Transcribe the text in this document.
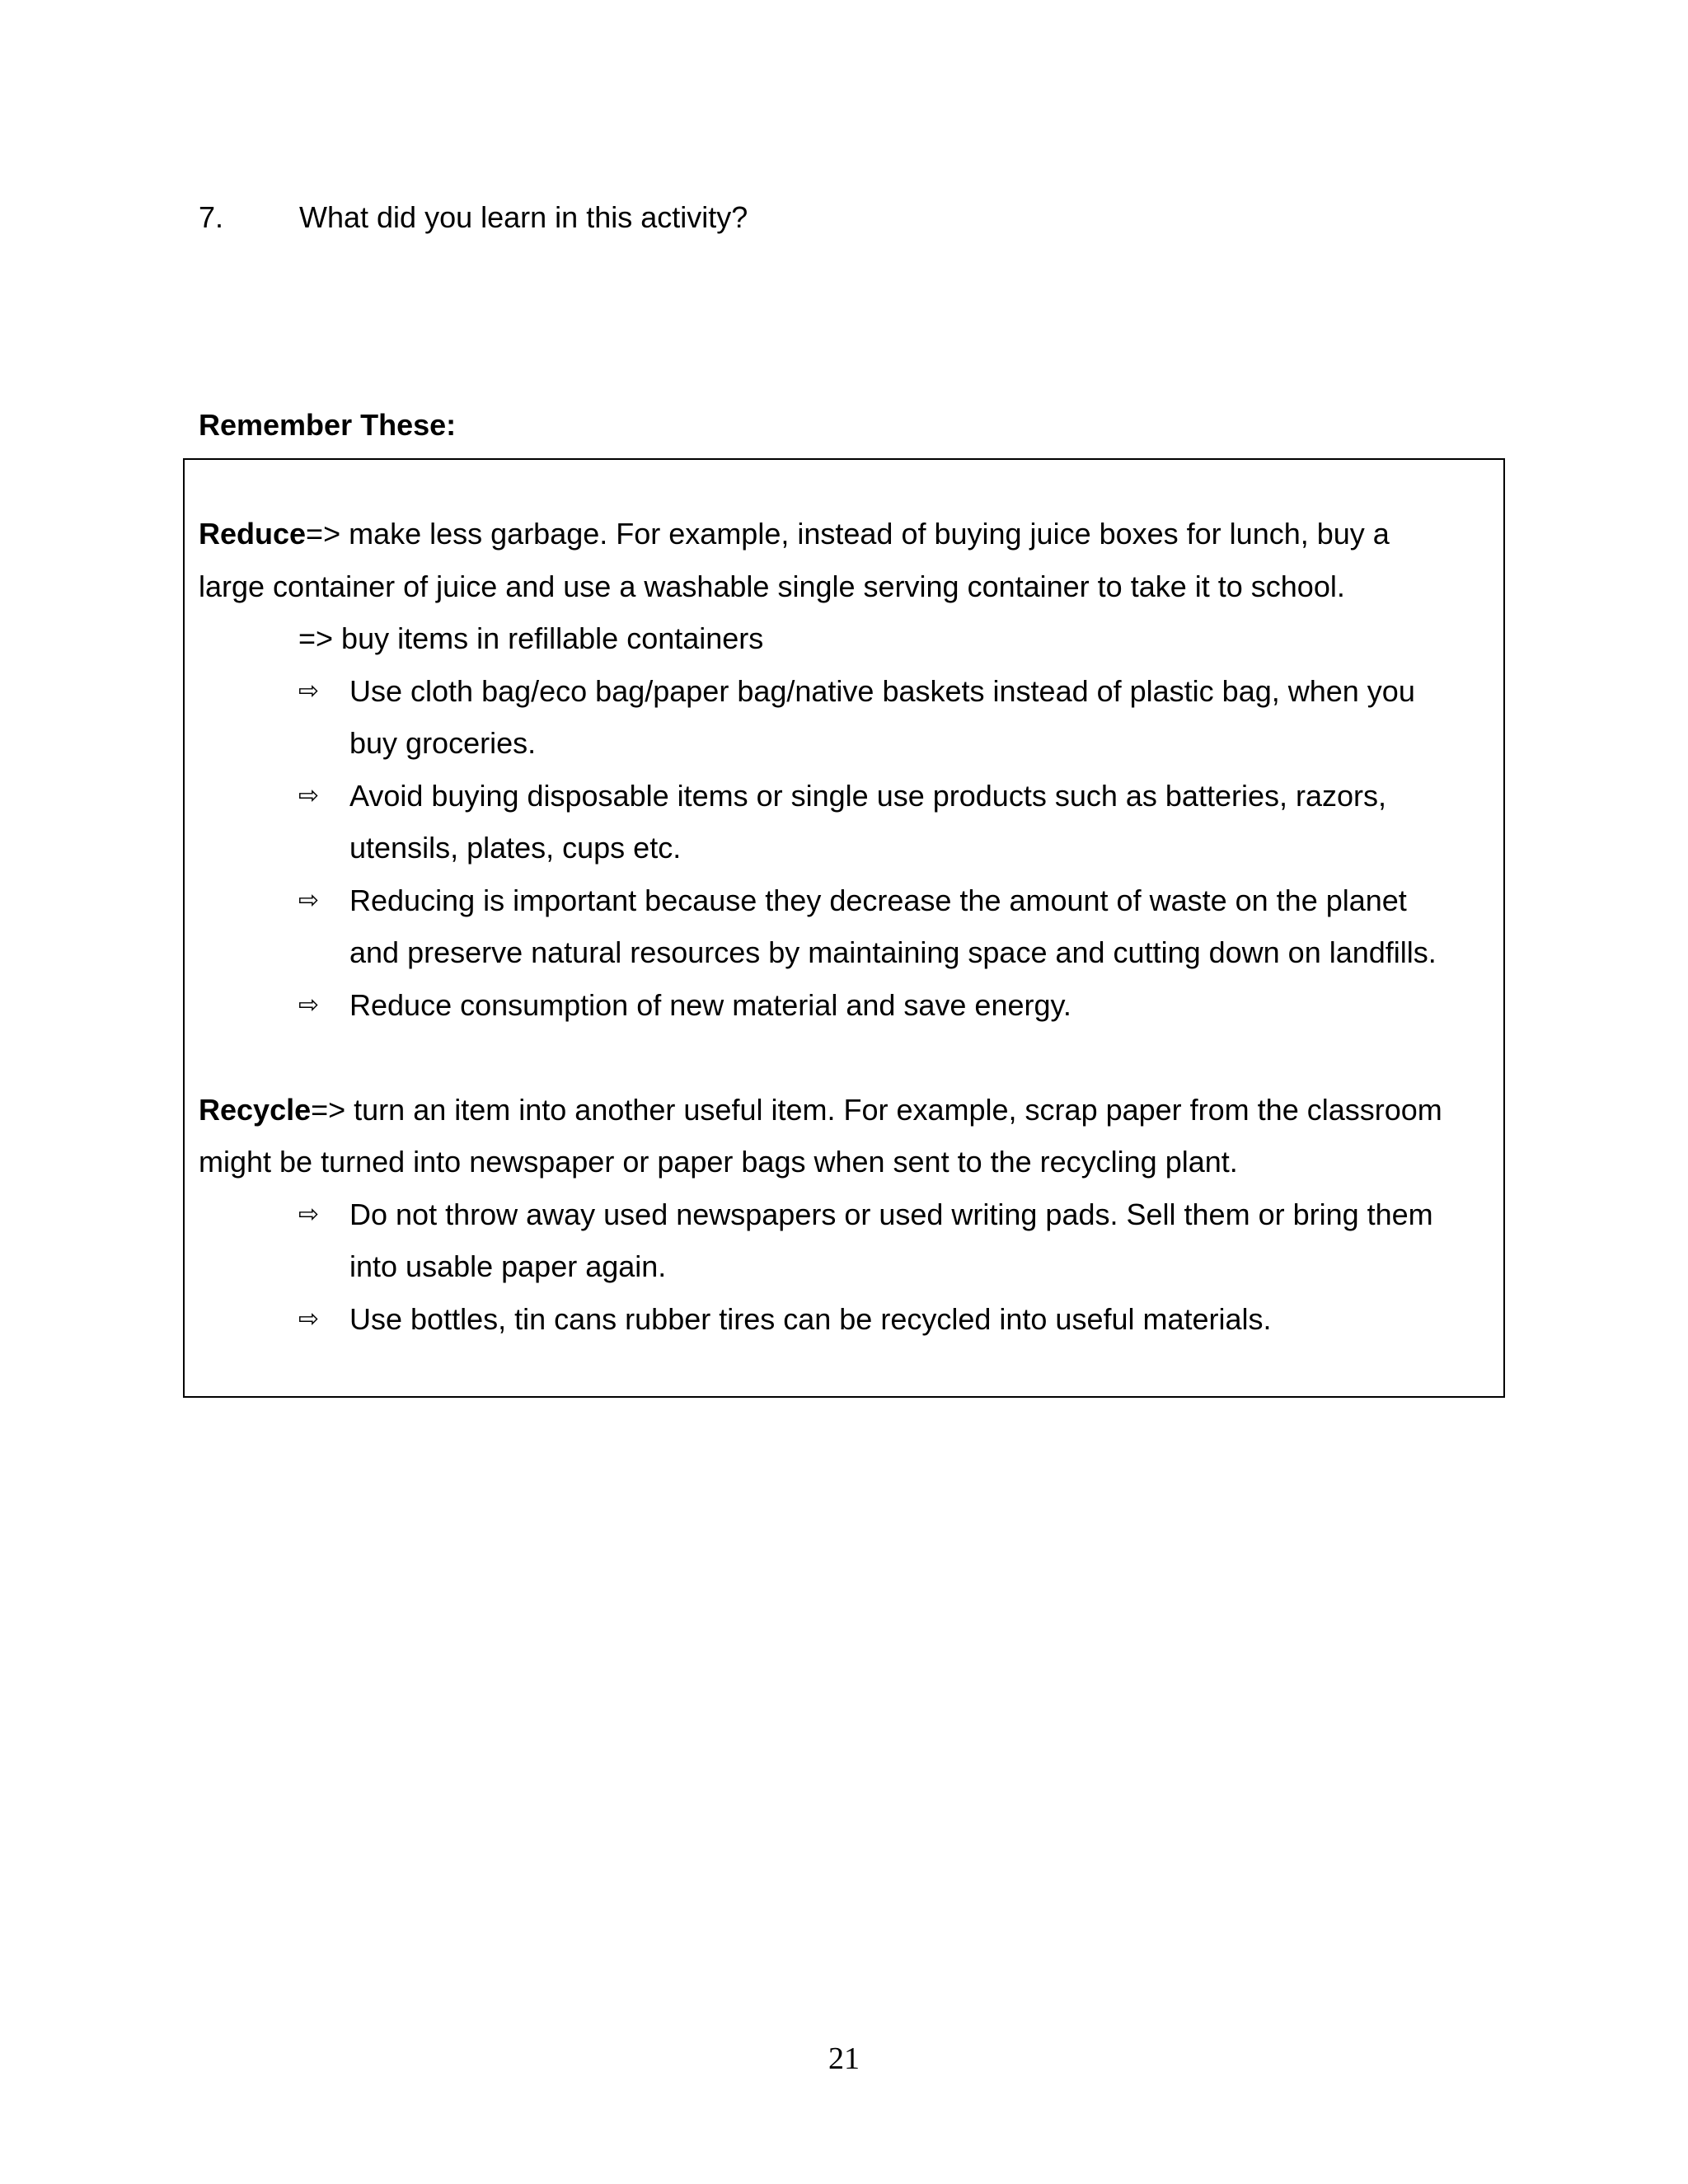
7.	What did you learn in this activity?
Remember These:
Reduce=> make less garbage. For example, instead of buying juice boxes for lunch, buy a
large container of juice and use a washable single serving container to take it to school.
=> buy items in refillable containers
⇨	Use cloth bag/eco bag/paper bag/native baskets instead of plastic bag, when you
buy groceries.
⇨	Avoid buying disposable items or single use products such as batteries, razors,
utensils, plates, cups etc.
⇨	Reducing is important because they decrease the amount of waste on the planet
and preserve natural resources by maintaining space and cutting down on landfills.
⇨	Reduce consumption of new material and save energy.
Recycle=> turn an item into another useful item. For example, scrap paper from the classroom
might be turned into newspaper or paper bags when sent to the recycling plant.
⇨	Do not throw away used newspapers or used writing pads. Sell them or bring them
into usable paper again.
⇨	Use bottles, tin cans rubber tires can be recycled into useful materials.
21
